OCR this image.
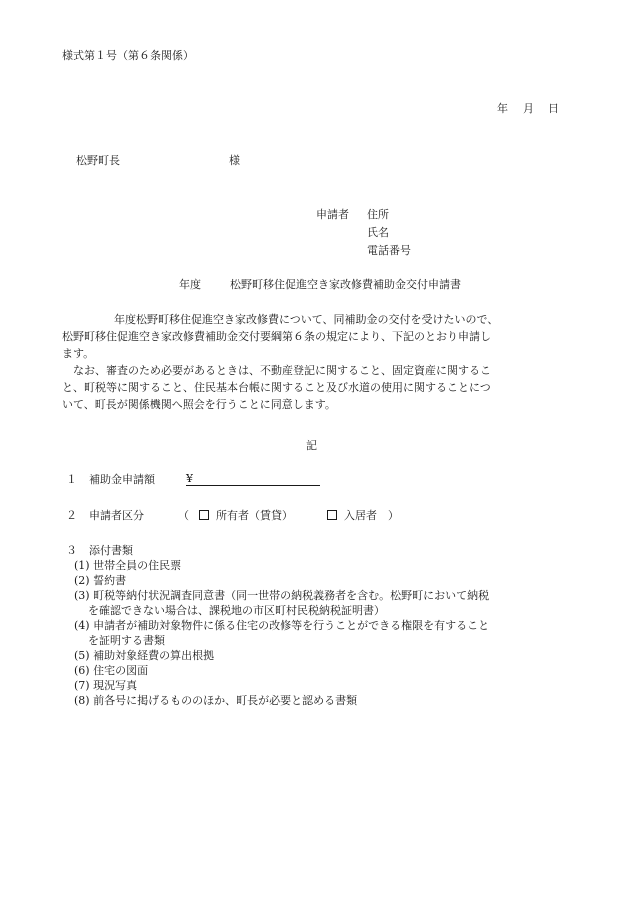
様式第１号（第６条関係）
年 月 日
松野町長	様
申請者 住所
氏名
電話番号
年度	松野町移住促進空き家改修費補助金交付申請書
年度松野町移住促進空き家改修費について、同補助金の交付を受けたいので、
松野町移住促進空き家改修費補助金交付要綱第６条の規定により、下記のとおり申請し
ます。
なお、審査のため必要があるときは、不動産登記に関すること、固定資産に関するこ
と、町税等に関すること、住民基本台帳に関すること及び水道の使用に関することにつ
いて、町長が関係機関へ照会を行うことに同意します。
記
１ 補助金申請額	¥
２ 申請者区分	（ 所有者（賃貸）	入居者 ）
３ 添付書類
(1) 世帯全員の住民票
(2) 誓約書
(3) 町税等納付状況調査同意書（同一世帯の納税義務者を含む。松野町において納税
を確認できない場合は、課税地の市区町村民税納税証明書）
(4) 申請者が補助対象物件に係る住宅の改修等を行うことができる権限を有すること
を証明する書類
(5) 補助対象経費の算出根拠
(6) 住宅の図面
(7) 現況写真
(8) 前各号に掲げるもののほか、町長が必要と認める書類
